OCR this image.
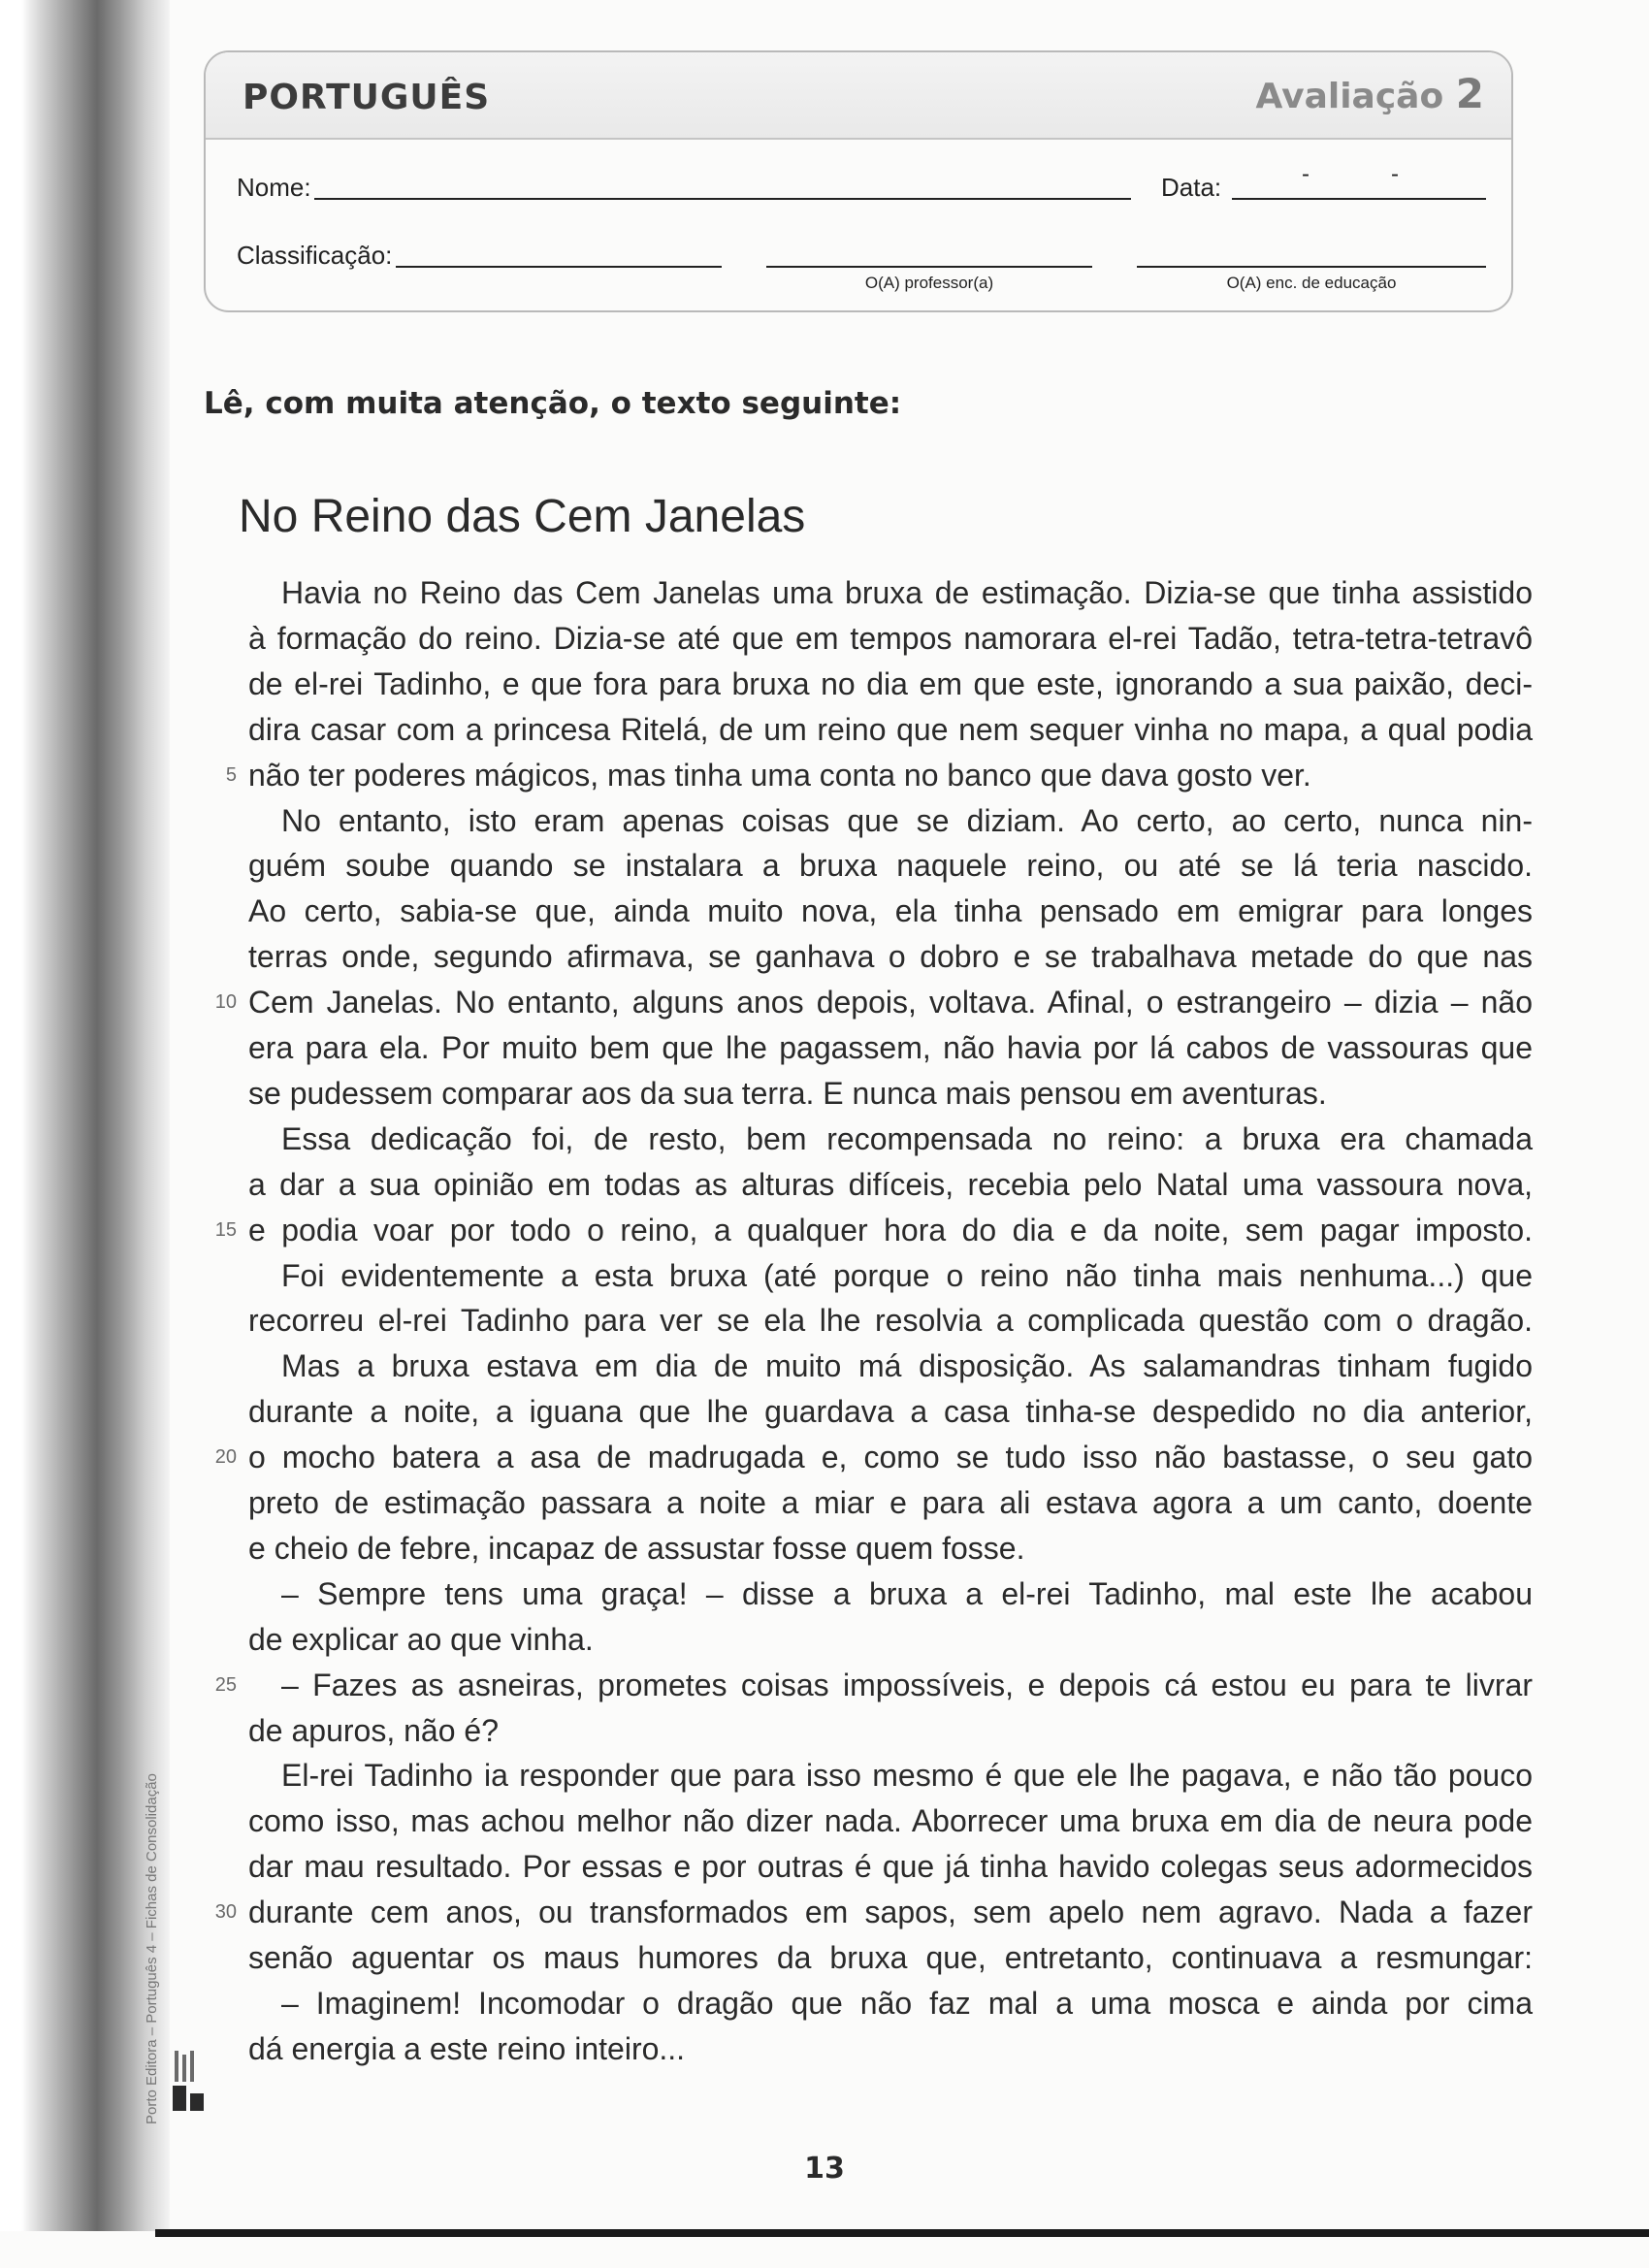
PORTUGUÊS	Avaliação 2
Nome:	Data:	-	-
Classificação:
O(A) professor(a)	O(A) enc. de educação
Lê, com muita atenção, o texto seguinte:
No Reino das Cem Janelas
Havia no Reino das Cem Janelas uma bruxa de estimação. Dizia-se que tinha assistido
à formação do reino. Dizia-se até que em tempos namorara el-rei Tadão, tetra-tetra-tetravô
de el-rei Tadinho, e que fora para bruxa no dia em que este, ignorando a sua paixão, deci-
dira casar com a princesa Ritelá, de um reino que nem sequer vinha no mapa, a qual podia
não ter poderes mágicos, mas tinha uma conta no banco que dava gosto ver.
5
No entanto, isto eram apenas coisas que se diziam. Ao certo, ao certo, nunca nin-
guém soube quando se instalara a bruxa naquele reino, ou até se lá teria nascido.
Ao certo, sabia-se que, ainda muito nova, ela tinha pensado em emigrar para longes
terras onde, segundo afirmava, se ganhava o dobro e se trabalhava metade do que nas
Cem Janelas. No entanto, alguns anos depois, voltava. Afinal, o estrangeiro – dizia – não
10
era para ela. Por muito bem que lhe pagassem, não havia por lá cabos de vassouras que
se pudessem comparar aos da sua terra. E nunca mais pensou em aventuras.
Essa dedicação foi, de resto, bem recompensada no reino: a bruxa era chamada
a dar a sua opinião em todas as alturas difíceis, recebia pelo Natal uma vassoura nova,
e podia voar por todo o reino, a qualquer hora do dia e da noite, sem pagar imposto.
15
Foi evidentemente a esta bruxa (até porque o reino não tinha mais nenhuma...) que
recorreu el-rei Tadinho para ver se ela lhe resolvia a complicada questão com o dragão.
Mas a bruxa estava em dia de muito má disposição. As salamandras tinham fugido
durante a noite, a iguana que lhe guardava a casa tinha-se despedido no dia anterior,
o mocho batera a asa de madrugada e, como se tudo isso não bastasse, o seu gato
20
preto de estimação passara a noite a miar e para ali estava agora a um canto, doente
e cheio de febre, incapaz de assustar fosse quem fosse.
– Sempre tens uma graça! – disse a bruxa a el-rei Tadinho, mal este lhe acabou
de explicar ao que vinha.
– Fazes as asneiras, prometes coisas impossíveis, e depois cá estou eu para te livrar
25
de apuros, não é?
El-rei Tadinho ia responder que para isso mesmo é que ele lhe pagava, e não tão pouco
como isso, mas achou melhor não dizer nada. Aborrecer uma bruxa em dia de neura pode
dar mau resultado. Por essas e por outras é que já tinha havido colegas seus adormecidos
durante cem anos, ou transformados em sapos, sem apelo nem agravo. Nada a fazer
30
senão aguentar os maus humores da bruxa que, entretanto, continuava a resmungar:
– Imaginem! Incomodar o dragão que não faz mal a uma mosca e ainda por cima
dá energia a este reino inteiro...
Porto Editora – Português 4 – Fichas de Consolidação
13
